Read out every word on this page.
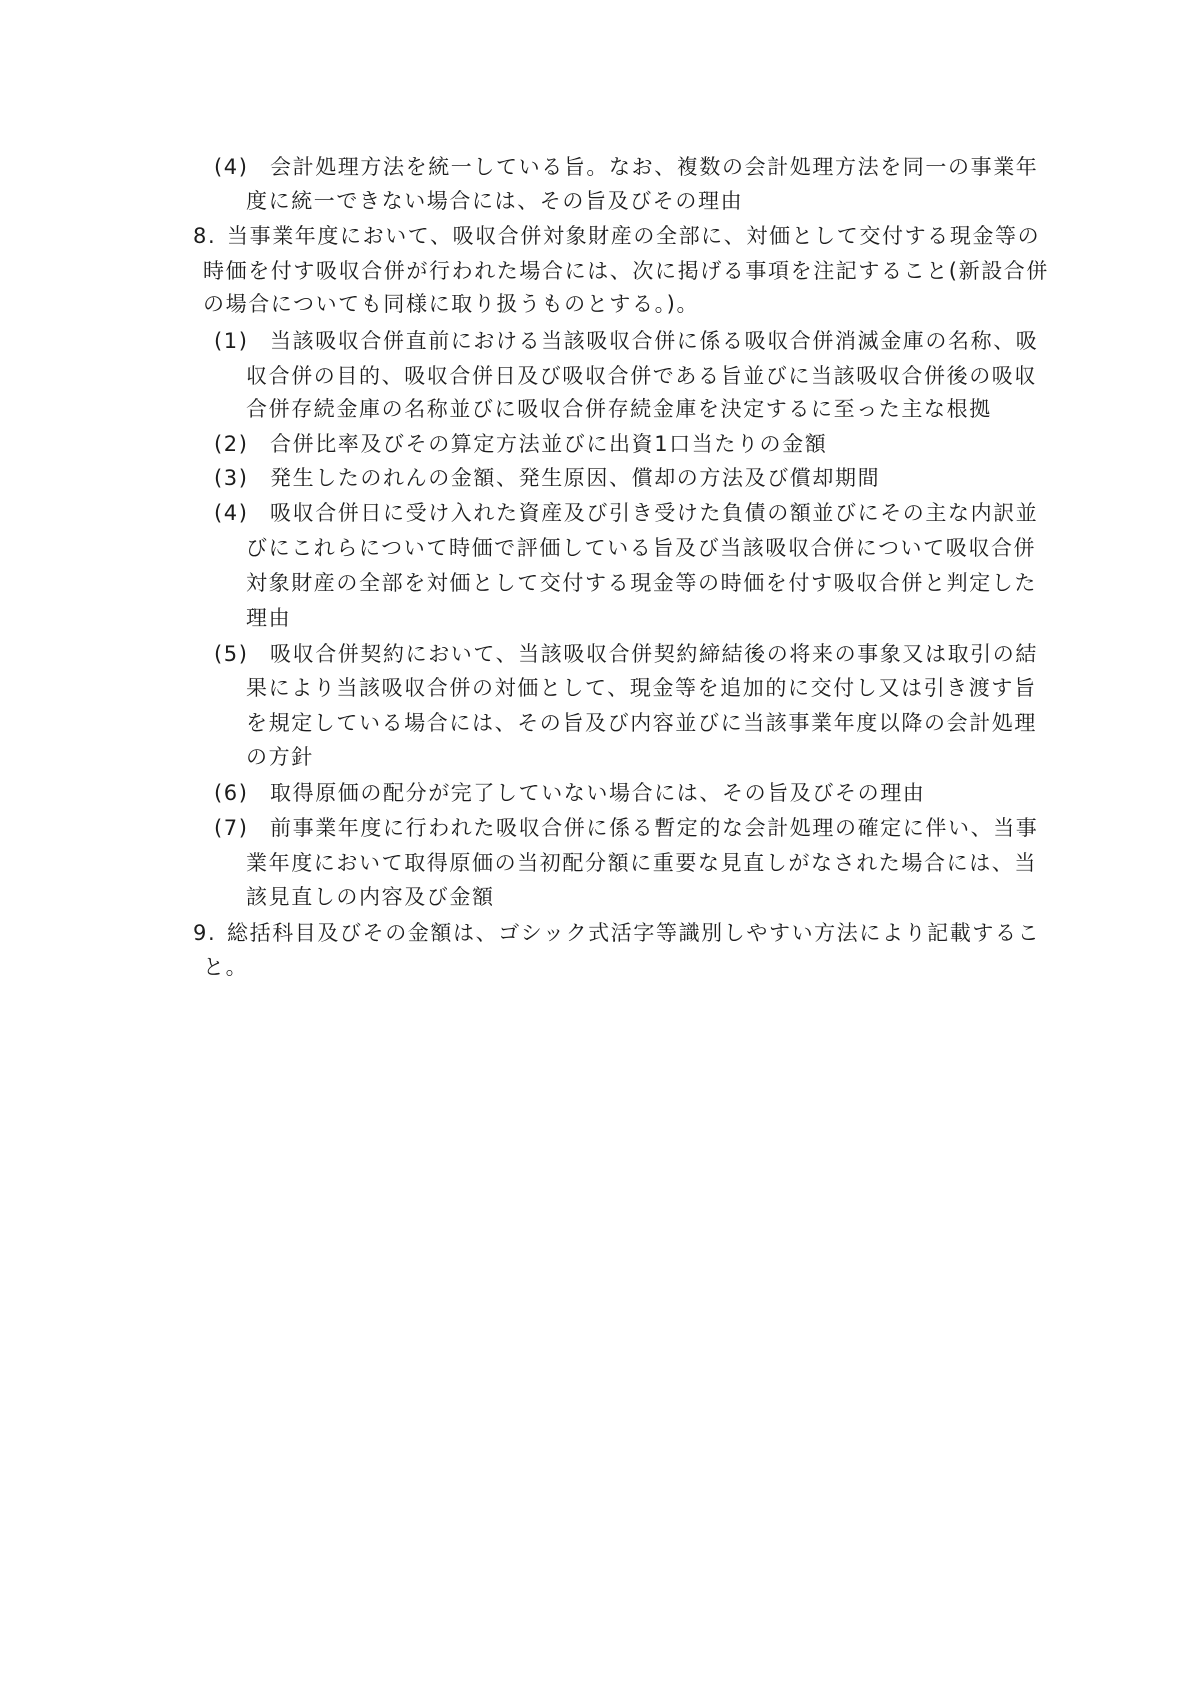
(4) 会計処理方法を統一している旨。なお、複数の会計処理方法を同一の事業年
度に統一できない場合には、その旨及びその理由
8. 当事業年度において、吸収合併対象財産の全部に、対価として交付する現金等の
時価を付す吸収合併が行われた場合には、次に掲げる事項を注記すること(新設合併
の場合についても同様に取り扱うものとする。)。
(1) 当該吸収合併直前における当該吸収合併に係る吸収合併消滅金庫の名称、吸
収合併の目的、吸収合併日及び吸収合併である旨並びに当該吸収合併後の吸収
合併存続金庫の名称並びに吸収合併存続金庫を決定するに至った主な根拠
(2) 合併比率及びその算定方法並びに出資1口当たりの金額
(3) 発生したのれんの金額、発生原因、償却の方法及び償却期間
(4) 吸収合併日に受け入れた資産及び引き受けた負債の額並びにその主な内訳並
びにこれらについて時価で評価している旨及び当該吸収合併について吸収合併
対象財産の全部を対価として交付する現金等の時価を付す吸収合併と判定した
理由
(5) 吸収合併契約において、当該吸収合併契約締結後の将来の事象又は取引の結
果により当該吸収合併の対価として、現金等を追加的に交付し又は引き渡す旨
を規定している場合には、その旨及び内容並びに当該事業年度以降の会計処理
の方針
(6) 取得原価の配分が完了していない場合には、その旨及びその理由
(7) 前事業年度に行われた吸収合併に係る暫定的な会計処理の確定に伴い、当事
業年度において取得原価の当初配分額に重要な見直しがなされた場合には、当
該見直しの内容及び金額
9. 総括科目及びその金額は、ゴシック式活字等識別しやすい方法により記載するこ
と。
